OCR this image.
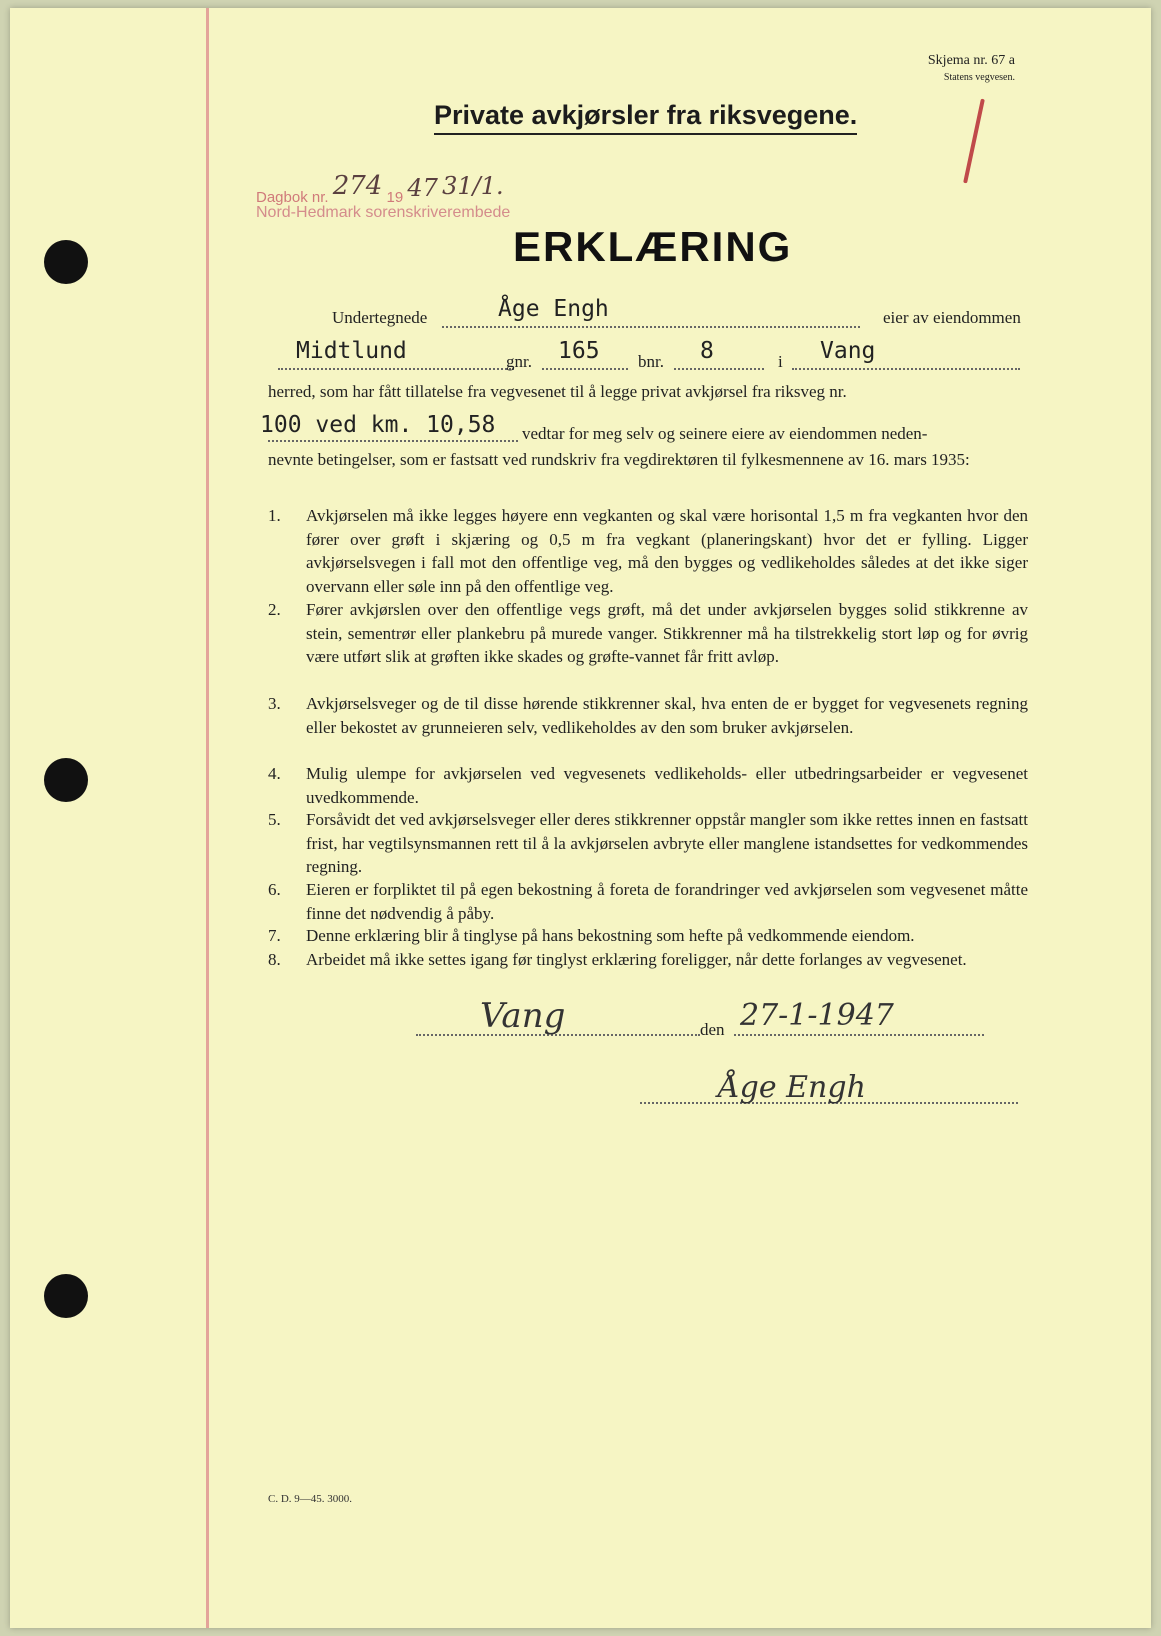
Skjema nr. 67 a
Statens vegvesen.
Private avkjørsler fra riksvegene.
Dagbok nr. 274 19 47 31/1.
Nord-Hedmark sorenskriverembede
ERKLÆRING
Undertegnede	Åge Engh	eier av eiendommen
Midtlund	gnr. 165 bnr. 8	i Vang
herred, som har fått tillatelse fra vegvesenet til å legge privat avkjørsel fra riksveg nr.
100 ved km. 10,58 vedtar for meg selv og seinere eiere av eiendommen neden-
nevnte betingelser, som er fastsatt ved rundskriv fra vegdirektøren til fylkesmennene av 16. mars 1935:
1. Avkjørselen må ikke legges høyere enn vegkanten og skal være horisontal 1,5 m fra vegkanten hvor den fører over grøft i skjæring og 0,5 m fra vegkant (planeringskant) hvor det er fylling. Ligger avkjørselsvegen i fall mot den offentlige veg, må den bygges og vedlikeholdes således at det ikke siger overvann eller søle inn på den offentlige veg.
2. Fører avkjørslen over den offentlige vegs grøft, må det under avkjørselen bygges solid stikkrenne av stein, sementrør eller plankebru på murede vanger. Stikkrenner må ha tilstrekkelig stort løp og for øvrig være utført slik at grøften ikke skades og grøfte-vannet får fritt avløp.
3. Avkjørselsveger og de til disse hørende stikkrenner skal, hva enten de er bygget for vegvesenets regning eller bekostet av grunneieren selv, vedlikeholdes av den som bruker avkjørselen.
4. Mulig ulempe for avkjørselen ved vegvesenets vedlikeholds- eller utbedringsarbeider er vegvesenet uvedkommende.
5. Forsåvidt det ved avkjørselsveger eller deres stikkrenner oppstår mangler som ikke rettes innen en fastsatt frist, har vegtilsynsmannen rett til å la avkjørselen avbryte eller manglene istandsettes for vedkommendes regning.
6. Eieren er forpliktet til på egen bekostning å foreta de forandringer ved avkjørselen som vegvesenet måtte finne det nødvendig å påby.
7. Denne erklæring blir å tinglyse på hans bekostning som hefte på vedkommende eiendom.
8. Arbeidet må ikke settes igang før tinglyst erklæring foreligger, når dette forlanges av vegvesenet.
Vang	den 27-1-1947
Åge Engh
C. D. 9—45. 3000.
